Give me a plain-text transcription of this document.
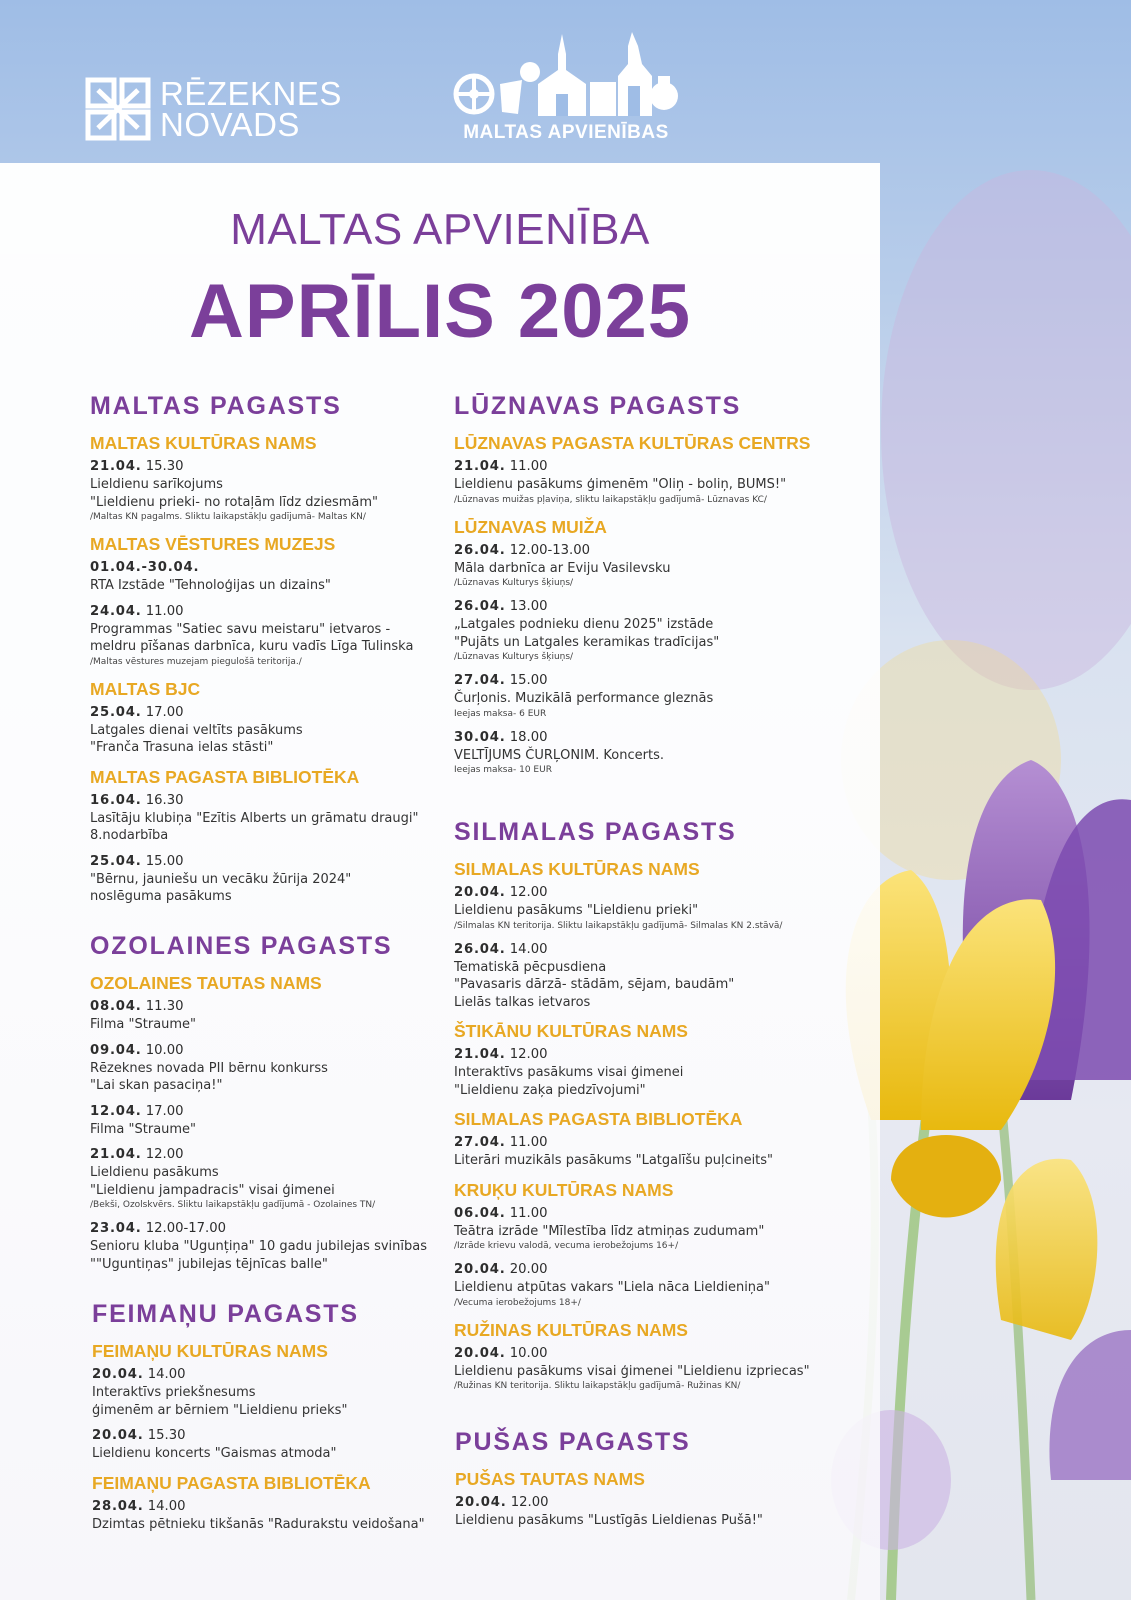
RĒZEKNES NOVADS	MALTAS APVIENĪBAS
MALTAS APVIENĪBA
APRĪLIS 2025
MALTAS PAGASTS
MALTAS KULTŪRAS NAMS
21.04. 15.30
Lieldienu sarīkojums
"Lieldienu prieki- no rotaļām līdz dziesmām"
/Maltas KN pagalms. Sliktu laikapstākļu gadījumā- Maltas KN/
MALTAS VĒSTURES MUZEJS
01.04.-30.04.
RTA Izstāde "Tehnoloģijas un dizains"
24.04. 11.00
Programmas "Satiec savu meistaru" ietvaros -
meldru pīšanas darbnīca, kuru vadīs Līga Tulinska
/Maltas vēstures muzejam piegulošā teritorija./
MALTAS BJC
25.04. 17.00
Latgales dienai veltīts pasākums
"Franča Trasuna ielas stāsti"
MALTAS PAGASTA BIBLIOTĒKA
16.04. 16.30
Lasītāju klubiņa "Ezītis Alberts un grāmatu draugi"
8.nodarbība
25.04. 15.00
"Bērnu, jauniešu un vecāku žūrija 2024"
noslēguma pasākums
OZOLAINES PAGASTS
OZOLAINES TAUTAS NAMS
08.04. 11.30
Filma "Straume"
09.04. 10.00
Rēzeknes novada PII bērnu konkurss
"Lai skan pasaciņa!"
12.04. 17.00
Filma "Straume"
21.04. 12.00
Lieldienu pasākums
"Lieldienu jampadracis" visai ģimenei
/Bekši, Ozolskvērs. Sliktu laikapstākļu gadījumā - Ozolaines TN/
23.04. 12.00-17.00
Senioru kluba "Ugunțiņa" 10 gadu jubilejas svinības
""Uguntiņas" jubilejas tējnīcas balle"
FEIMAŅU PAGASTS
FEIMAŅU KULTŪRAS NAMS
20.04. 14.00
Interaktīvs priekšnesums
ģimenēm ar bērniem "Lieldienu prieks"
20.04. 15.30
Lieldienu koncerts "Gaismas atmoda"
FEIMAŅU PAGASTA BIBLIOTĒKA
28.04. 14.00
Dzimtas pētnieku tikšanās "Radurakstu veidošana"
LŪZNAVAS PAGASTS
LŪZNAVAS PAGASTA KULTŪRAS CENTRS
21.04. 11.00
Lieldienu pasākums ģimenēm "Oliņ - boliņ, BUMS!"
/Lūznavas muižas pļaviņa, sliktu laikapstākļu gadījumā- Lūznavas KC/
LŪZNAVAS MUIŽA
26.04. 12.00-13.00
Māla darbnīca ar Eviju Vasilevsku
/Lūznavas Kulturys šķiuņs/
26.04. 13.00
„Latgales podnieku dienu 2025" izstāde
"Pujāts un Latgales keramikas tradīcijas"
/Lūznavas Kulturys šķiuņs/
27.04. 15.00
Čurļonis. Muzikālā performance gleznās
Ieejas maksa- 6 EUR
30.04. 18.00
VELTĪJUMS ČURĻONIM. Koncerts.
Ieejas maksa- 10 EUR
SILMALAS PAGASTS
SILMALAS KULTŪRAS NAMS
20.04. 12.00
Lieldienu pasākums "Lieldienu prieki"
/Silmalas KN teritorija. Sliktu laikapstākļu gadījumā- Silmalas KN 2.stāvā/
26.04. 14.00
Tematiskā pēcpusdiena
"Pavasaris dārzā- stādām, sējam, baudām"
Lielās talkas ietvaros
ŠTIKĀNU KULTŪRAS NAMS
21.04. 12.00
Interaktīvs pasākums visai ģimenei
"Lieldienu zaķa piedzīvojumi"
SILMALAS PAGASTA BIBLIOTĒKA
27.04. 11.00
Literāri muzikāls pasākums "Latgalīšu puļcineits"
KRUĶU KULTŪRAS NAMS
06.04. 11.00
Teātra izrāde "Mīlestība līdz atmiņas zudumam"
/Izrāde krievu valodā, vecuma ierobežojums 16+/
20.04. 20.00
Lieldienu atpūtas vakars "Liela nāca Lieldieniņa"
/Vecuma ierobežojums 18+/
RUŽINAS KULTŪRAS NAMS
20.04. 10.00
Lieldienu pasākums visai ģimenei "Lieldienu izpriecas"
/Ružinas KN teritorija. Sliktu laikapstākļu gadījumā- Ružinas KN/
PUŠAS PAGASTS
PUŠAS TAUTAS NAMS
20.04. 12.00
Lieldienu pasākums "Lustīgās Lieldienas Pušā!"
